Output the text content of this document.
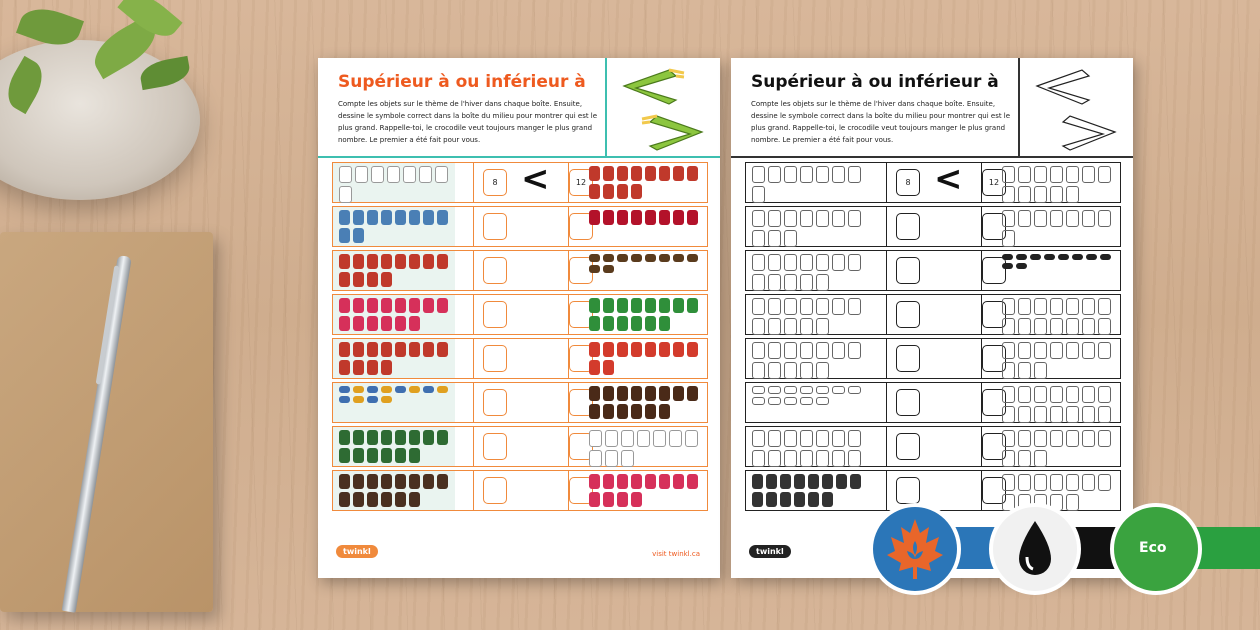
Supérieur à ou inférieur à
Compte les objets sur le thème de l'hiver dans chaque boîte. Ensuite, dessine le symbole correct dans la boîte du milieu pour montrer qui est le plus grand. Rappelle-toi, le crocodile veut toujours manger le plus grand nombre. Le premier a été fait pour vous.
8 <	12
twinkl	visit twinkl.ca
Supérieur à ou inférieur à
Compte les objets sur le thème de l'hiver dans chaque boîte. Ensuite, dessine le symbole correct dans la boîte du milieu pour montrer qui est le plus grand. Rappelle-toi, le crocodile veut toujours manger le plus grand nombre. Le premier a été fait pour vous.
8 <	12
twinkl	Eco
